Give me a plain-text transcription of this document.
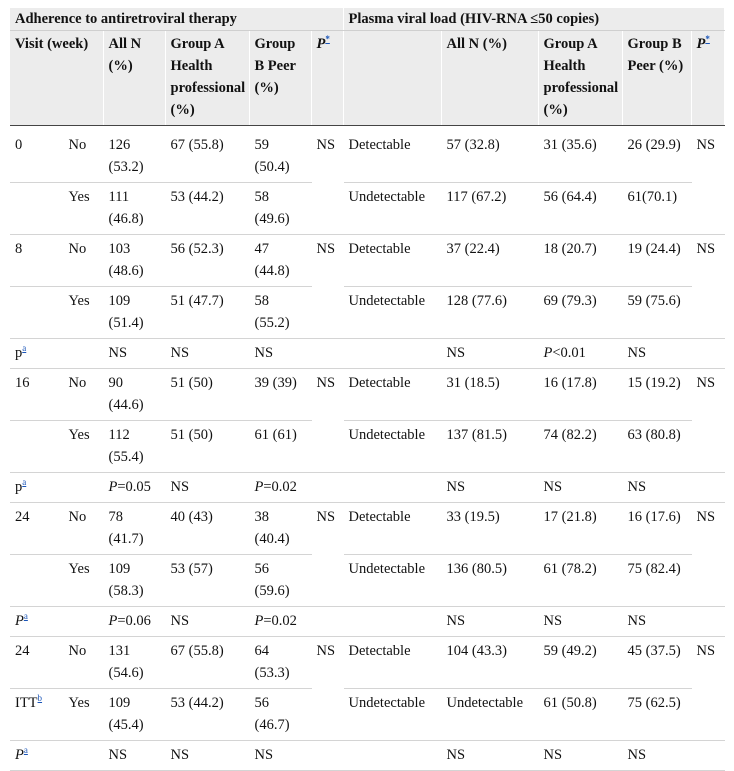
Adherence to antiretroviral therapy						Plasma viral load (HIV-RNA ≤50 copies)				
Visit (week)		All N (%)	Group A Health professional (%)	Group B Peer (%)	P*		All N (%)	Group A Health professional (%)	Group B Peer (%)	P*
0	No	126 (53.2)	67 (55.8)	59 (50.4)	NS	Detectable	57 (32.8)	31 (35.6)	26 (29.9)	NS
	Yes	111 (46.8)	53 (44.2)	58 (49.6)		Undetectable	117 (67.2)	56 (64.4)	61(70.1)	
8	No	103 (48.6)	56 (52.3)	47 (44.8)	NS	Detectable	37 (22.4)	18 (20.7)	19 (24.4)	NS
	Yes	109 (51.4)	51 (47.7)	58 (55.2)		Undetectable	128 (77.6)	69 (79.3)	59 (75.6)	
$p^a$		NS	NS	NS			NS	P<0.01	NS	
16	No	90 (44.6)	51 (50)	39 (39)	NS	Detectable	31 (18.5)	16 (17.8)	15 (19.2)	NS
	Yes	112 (55.4)	51 (50)	61 (61)		Undetectable	137 (81.5)	74 (82.2)	63 (80.8)	
$p^a$		P=0.05	NS	P=0.02			NS	NS	NS	
24	No	78 (41.7)	40 (43)	38 (40.4)	NS	Detectable	33 (19.5)	17 (21.8)	16 (17.6)	NS
	Yes	109 (58.3)	53 (57)	56 (59.6)		Undetectable	136 (80.5)	61 (78.2)	75 (82.4)	
$P^a$		P=0.06	NS	P=0.02			NS	NS	NS	
24	No	131 (54.6)	67 (55.8)	64 (53.3)	NS	Detectable	104 (43.3)	59 (49.2)	45 (37.5)	NS
ITT$^b$	Yes	109 (45.4)	53 (44.2)	56 (46.7)		Undetectable	Undetectable	61 (50.8)	75 (62.5)	
$P^a$		NS	NS	NS			NS	NS	NS	
